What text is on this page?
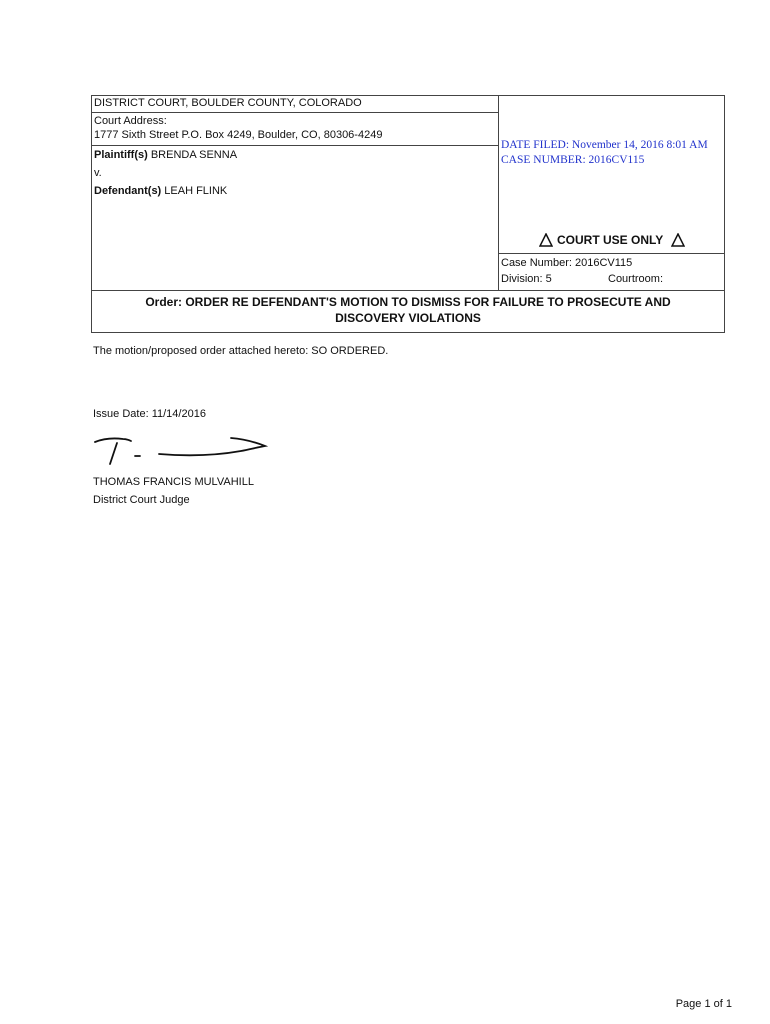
DISTRICT COURT, BOULDER COUNTY, COLORADO
Court Address:
1777 Sixth Street P.O. Box 4249, Boulder, CO, 80306-4249
Plaintiff(s) BRENDA SENNA
v.
Defendant(s) LEAH FLINK
DATE FILED: November 14, 2016 8:01 AM
CASE NUMBER: 2016CV115
COURT USE ONLY
Case Number: 2016CV115
Division: 5	Courtroom:
Order: ORDER RE DEFENDANT'S MOTION TO DISMISS FOR FAILURE TO PROSECUTE AND
DISCOVERY VIOLATIONS
The motion/proposed order attached hereto: SO ORDERED.
Issue Date: 11/14/2016
THOMAS FRANCIS MULVAHILL
District Court Judge
Page 1 of 1
